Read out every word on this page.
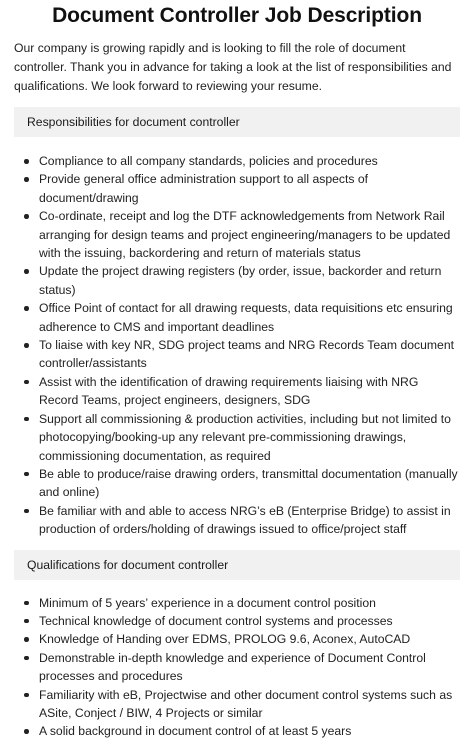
Document Controller Job Description

Our company is growing rapidly and is looking to fill the role of document controller. Thank you in advance for taking a look at the list of responsibilities and qualifications. We look forward to reviewing your resume.

Responsibilities for document controller
Compliance to all company standards, policies and procedures
Provide general office administration support to all aspects of document/drawing
Co-ordinate, receipt and log the DTF acknowledgements from Network Rail arranging for design teams and project engineering/managers to be updated with the issuing, backordering and return of materials status
Update the project drawing registers (by order, issue, backorder and return status)
Office Point of contact for all drawing requests, data requisitions etc ensuring adherence to CMS and important deadlines
To liaise with key NR, SDG project teams and NRG Records Team document controller/assistants
Assist with the identification of drawing requirements liaising with NRG Record Teams, project engineers, designers, SDG
Support all commissioning & production activities, including but not limited to photocopying/booking-up any relevant pre-commissioning drawings, commissioning documentation, as required
Be able to produce/raise drawing orders, transmittal documentation (manually and online)
Be familiar with and able to access NRG’s eB (Enterprise Bridge) to assist in production of orders/holding of drawings issued to office/project staff
Qualifications for document controller
Minimum of 5 years’ experience in a document control position
Technical knowledge of document control systems and processes
Knowledge of Handing over EDMS, PROLOG 9.6, Aconex, AutoCAD
Demonstrable in-depth knowledge and experience of Document Control processes and procedures
Familiarity with eB, Projectwise and other document control systems such as ASite, Conject / BIW, 4 Projects or similar
A solid background in document control of at least 5 years
